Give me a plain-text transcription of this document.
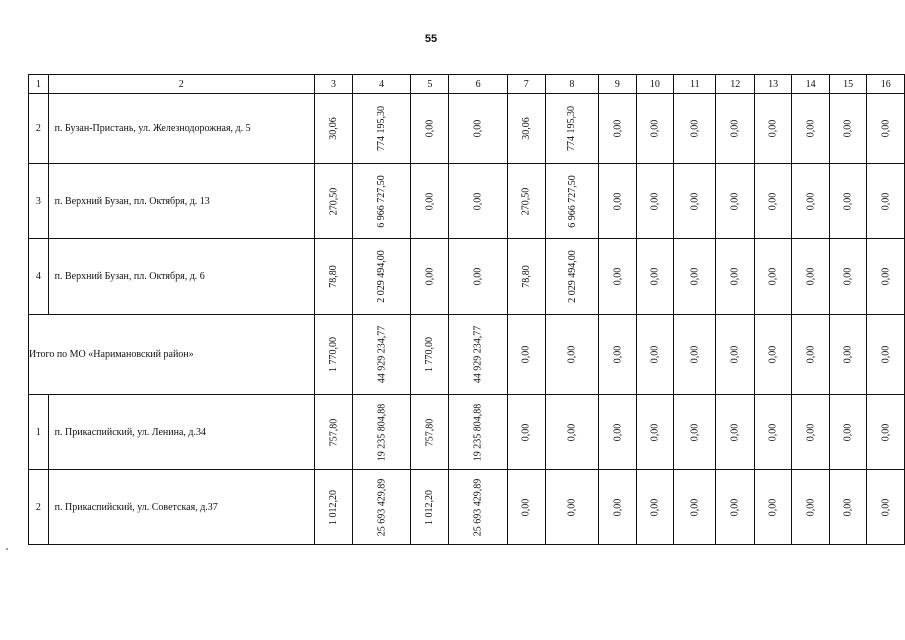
55
1	2	3	4	5	6	7	8	9	10	11	12	13	14	15	16
2	п. Бузан-Пристань, ул. Железнодорожная, д. 5	30,06	774 195,30	0,00	0,00	30,06	774 195,30	0,00	0,00	0,00	0,00	0,00	0,00	0,00	0,00
3	п. Верхний Бузан, пл. Октября, д. 13	270,50	6 966 727,50	0,00	0,00	270,50	6 966 727,50	0,00	0,00	0,00	0,00	0,00	0,00	0,00	0,00
4	п. Верхний Бузан, пл. Октября, д. 6	78,80	2 029 494,00	0,00	0,00	78,80	2 029 494,00	0,00	0,00	0,00	0,00	0,00	0,00	0,00	0,00
Итого по МО «Наримановский район»		1 770,00	44 929 234,77	1 770,00	44 929 234,77	0,00	0,00	0,00	0,00	0,00	0,00	0,00	0,00	0,00	0,00
1	п. Прикаспийский, ул. Ленина, д.34	757,80	19 235 804,88	757,80	19 235 804,88	0,00	0,00	0,00	0,00	0,00	0,00	0,00	0,00	0,00	0,00
2	п. Прикаспийский, ул. Советская, д.37	1 012,20	25 693 429,89	1 012,20	25 693 429,89	0,00	0,00	0,00	0,00	0,00	0,00	0,00	0,00	0,00	0,00
